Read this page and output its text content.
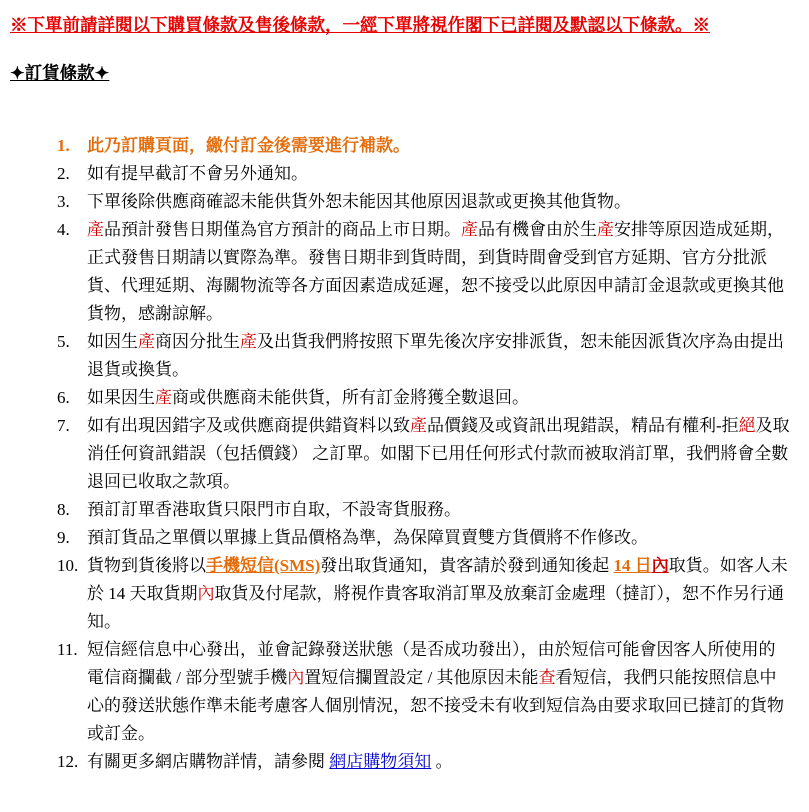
※下單前請詳閱以下購買條款及售後條款，一經下單將視作閣下已詳閱及默認以下條款。※
✦訂貨條款✦
1.	此乃訂購頁面，繳付訂金後需要進行補款。
2.	如有提早截訂不會另外通知。
3.	下單後除供應商確認未能供貨外恕未能因其他原因退款或更換其他貨物。
4.	產品預計發售日期僅為官方預計的商品上市日期。產品有機會由於生產安排等原因造成延期，正式發售日期請以實際為準。發售日期非到貨時間，到貨時間會受到官方延期、官方分批派貨、代理延期、海關物流等各方面因素造成延遲，恕不接受以此原因申請訂金退款或更換其他貨物，感謝諒解。
5.	如因生產商因分批生產及出貨我們將按照下單先後次序安排派貨，恕未能因派貨次序為由提出退貨或換貨。
6.	如果因生產商或供應商未能供貨，所有訂金將獲全數退回。
7.	如有出現因錯字及或供應商提供錯資料以致產品價錢及或資訊出現錯誤，精品有權利-拒絕及取消任何資訊錯誤（包括價錢） 之訂單。如閣下已用任何形式付款而被取消訂單，我們將會全數退回已收取之款項。
8.	預訂訂單香港取貨只限門市自取，不設寄貨服務。
9.	預訂貨品之單價以單據上貨品價格為準，為保障買賣雙方貨價將不作修改。
10. 貨物到貨後將以手機短信(SMS)發出取貨通知，貴客請於發到通知後起 14 日內取貨。如客人未於 14 天取貨期內取貨及付尾款，將視作貴客取消訂單及放棄訂金處理（撻訂），恕不作另行通知。
11. 短信經信息中心發出，並會記錄發送狀態（是否成功發出），由於短信可能會因客人所使用的電信商攔截 / 部分型號手機內置短信攔置設定 / 其他原因未能查看短信，我們只能按照信息中心的發送狀態作準未能考慮客人個別情況，恕不接受未有收到短信為由要求取回已撻訂的貨物或訂金。
12. 有關更多網店購物詳情，請參閱 網店購物須知 。
